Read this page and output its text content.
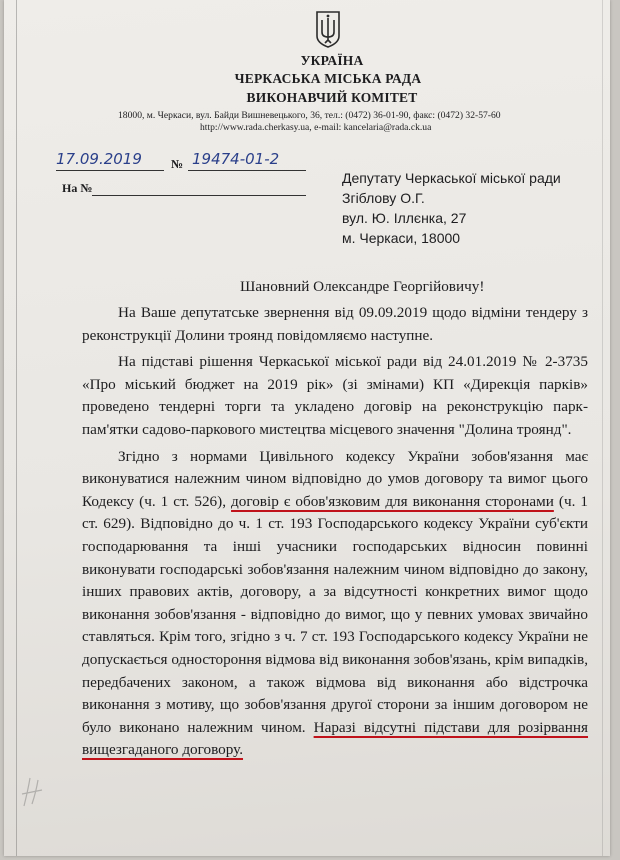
УКРАЇНА
ЧЕРКАСЬКА МІСЬКА РАДА
ВИКОНАВЧИЙ КОМІТЕТ
18000, м. Черкаси, вул. Байди Вишневецького, 36, тел.: (0472) 36-01-90, факс: (0472) 32-57-60
http://www.rada.cherkasy.ua, e-mail: kancelaria@rada.ck.ua
17.09.2019 № 19474-01-2
На №
Депутату Черкаської міської ради
Згіблову О.Г.
вул. Ю. Іллєнка, 27
м. Черкаси, 18000
Шановний Олександре Георгійовичу!

На Ваше депутатське звернення від 09.09.2019 щодо відміни тендеру з реконструкції Долини троянд повідомляємо наступне.

На підставі рішення Черкаської міської ради від 24.01.2019 № 2-3735 «Про міський бюджет на 2019 рік» (зі змінами) КП «Дирекція парків» проведено тендерні торги та укладено договір на реконструкцію парк-пам'ятки садово-паркового мистецтва місцевого значення "Долина троянд".

Згідно з нормами Цивільного кодексу України зобов'язання має виконуватися належним чином відповідно до умов договору та вимог цього Кодексу (ч. 1 ст. 526), договір є обов'язковим для виконання сторонами (ч. 1 ст. 629). Відповідно до ч. 1 ст. 193 Господарського кодексу України суб'єкти господарювання та інші учасники господарських відносин повинні виконувати господарські зобов'язання належним чином відповідно до закону, інших правових актів, договору, а за відсутності конкретних вимог щодо виконання зобов'язання - відповідно до вимог, що у певних умовах звичайно ставляться. Крім того, згідно з ч. 7 ст. 193 Господарського кодексу України не допускається одностороння відмова від виконання зобов'язань, крім випадків, передбачених законом, а також відмова від виконання або відстрочка виконання з мотиву, що зобов'язання другої сторони за іншим договором не було виконано належним чином. Наразі відсутні підстави для розірвання вищезгаданого договору.
